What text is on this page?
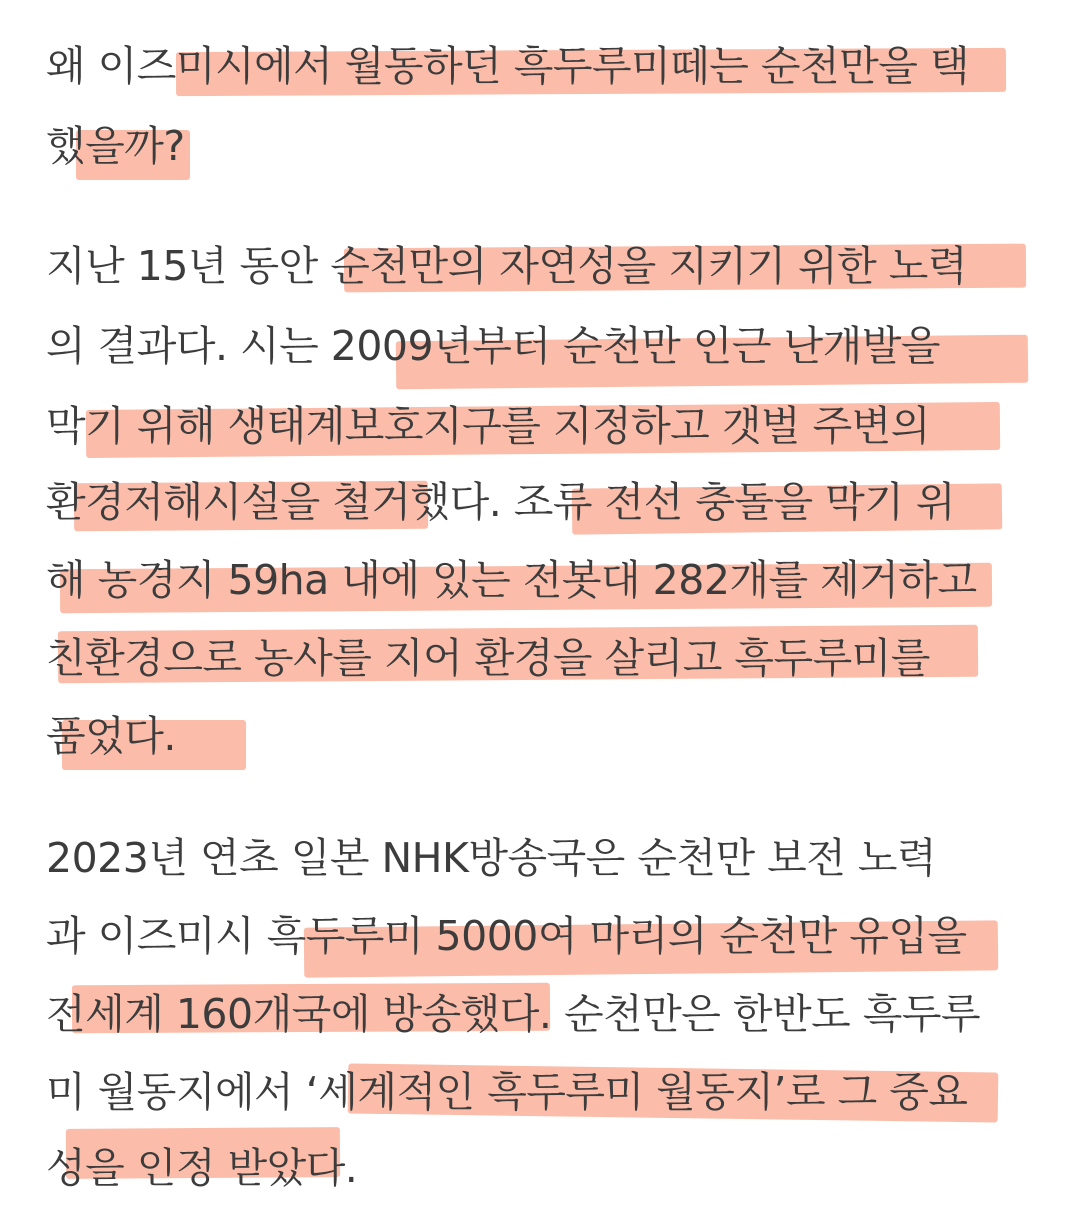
왜 이즈미시에서 월동하던 흑두루미떼는 순천만을 택

했을까?

지난 15년 동안 순천만의 자연성을 지키기 위한 노력

의 결과다. 시는 2009년부터 순천만 인근 난개발을

막기 위해 생태계보호지구를 지정하고 갯벌 주변의

환경저해시설을 철거했다. 조류 전선 충돌을 막기 위

해 농경지 59ha 내에 있는 전봇대 282개를 제거하고

친환경으로 농사를 지어 환경을 살리고 흑두루미를

품었다.

2023년 연초 일본 NHK방송국은 순천만 보전 노력

과 이즈미시 흑두루미 5000여 마리의 순천만 유입을

전세계 160개국에 방송했다. 순천만은 한반도 흑두루

미 월동지에서 ‘세계적인 흑두루미 월동지’로 그 중요

성을 인정 받았다.
